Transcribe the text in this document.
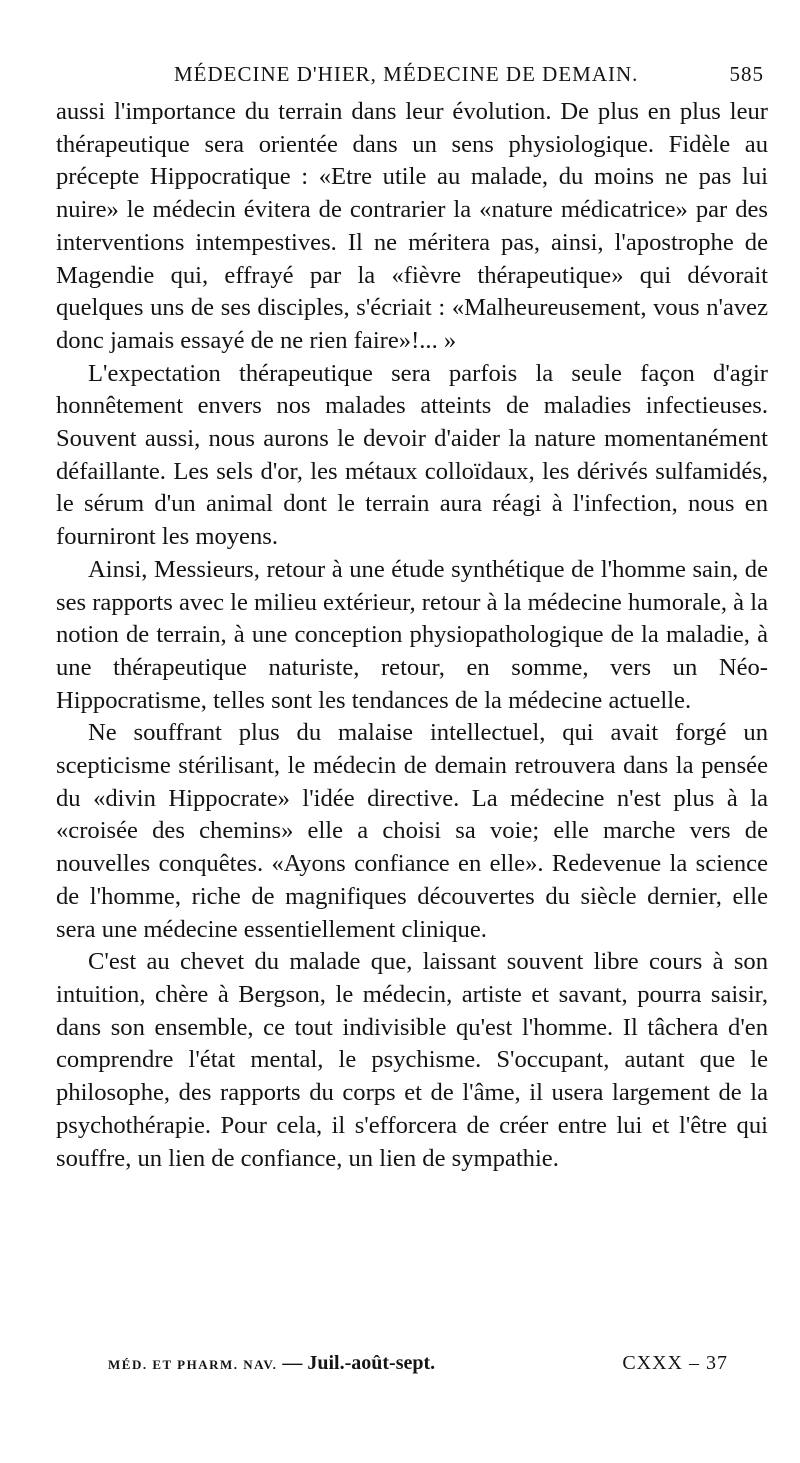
MÉDECINE D'HIER, MÉDECINE DE DEMAIN.	585

aussi l'importance du terrain dans leur évolution. De plus en plus leur thérapeutique sera orientée dans un sens physiologique. Fidèle au précepte Hippocratique : «Etre utile au malade, du moins ne pas lui nuire» le médecin évitera de contrarier la «nature médicatrice» par des interventions intempestives. Il ne méritera pas, ainsi, l'apostrophe de Magendie qui, effrayé par la «fièvre thérapeutique» qui dévorait quelques uns de ses disciples, s'écriait : «Malheureusement, vous n'avez donc jamais essayé de ne rien faire»!... »

L'expectation thérapeutique sera parfois la seule façon d'agir honnêtement envers nos malades atteints de maladies infectieuses. Souvent aussi, nous aurons le devoir d'aider la nature momentanément défaillante. Les sels d'or, les métaux colloïdaux, les dérivés sulfamidés, le sérum d'un animal dont le terrain aura réagi à l'infection, nous en fourniront les moyens.

Ainsi, Messieurs, retour à une étude synthétique de l'homme sain, de ses rapports avec le milieu extérieur, retour à la médecine humorale, à la notion de terrain, à une conception physiopathologique de la maladie, à une thérapeutique naturiste, retour, en somme, vers un Néo-Hippocratisme, telles sont les tendances de la médecine actuelle.

Ne souffrant plus du malaise intellectuel, qui avait forgé un scepticisme stérilisant, le médecin de demain retrouvera dans la pensée du «divin Hippocrate» l'idée directive. La médecine n'est plus à la «croisée des chemins» elle a choisi sa voie; elle marche vers de nouvelles conquêtes. «Ayons confiance en elle». Redevenue la science de l'homme, riche de magnifiques découvertes du siècle dernier, elle sera une médecine essentiellement clinique.

C'est au chevet du malade que, laissant souvent libre cours à son intuition, chère à Bergson, le médecin, artiste et savant, pourra saisir, dans son ensemble, ce tout indivisible qu'est l'homme. Il tâchera d'en comprendre l'état mental, le psychisme. S'occupant, autant que le philosophe, des rapports du corps et de l'âme, il usera largement de la psychothérapie. Pour cela, il s'efforcera de créer entre lui et l'être qui souffre, un lien de confiance, un lien de sympathie.

MÉD. ET PHARM. NAV. — Juil.-août-sept.	CXXX – 37
